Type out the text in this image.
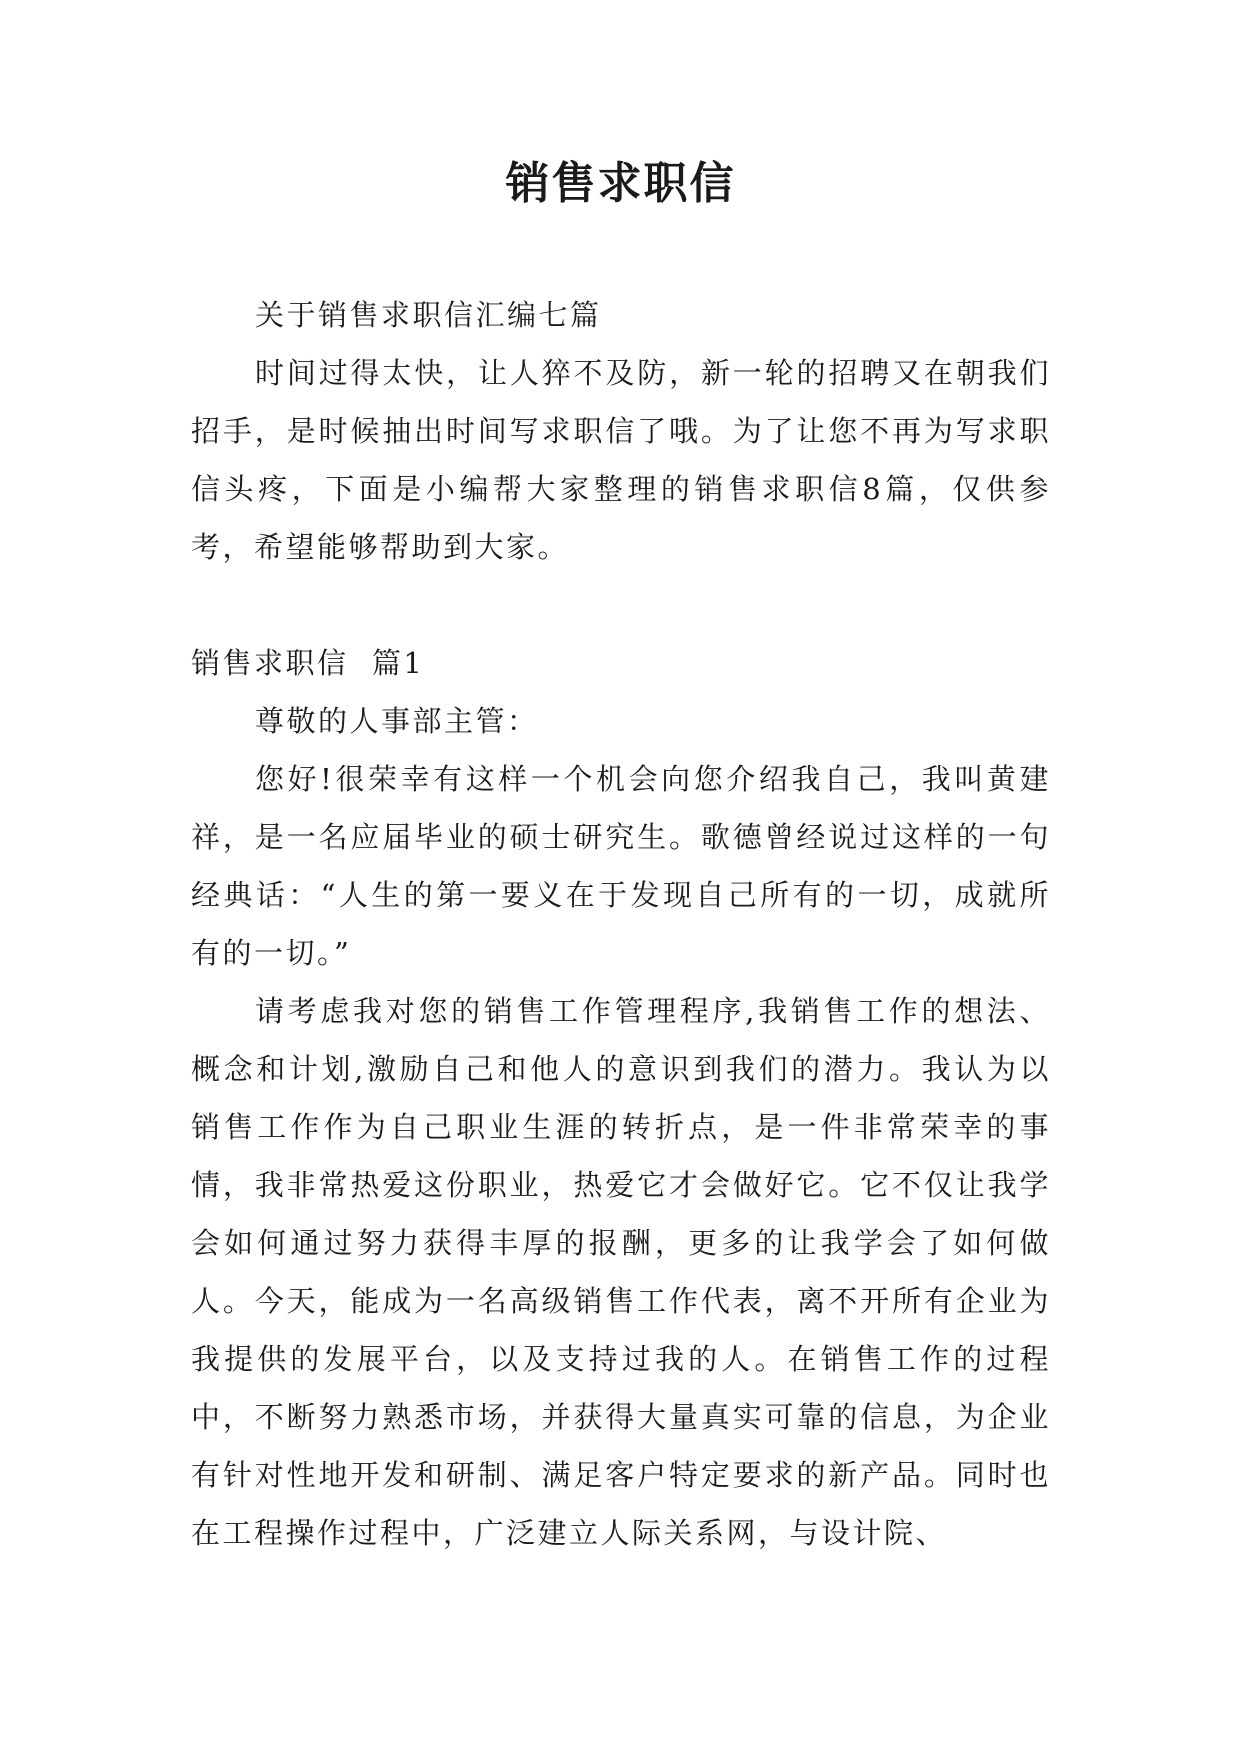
销售求职信

关于销售求职信汇编七篇

时间过得太快，让人猝不及防，新一轮的招聘又在朝我们招手，是时候抽出时间写求职信了哦。为了让您不再为写求职信头疼，下面是小编帮大家整理的销售求职信8篇，仅供参考，希望能够帮助到大家。

销售求职信  篇1

尊敬的人事部主管：

您好!很荣幸有这样一个机会向您介绍我自己，我叫黄建祥，是一名应届毕业的硕士研究生。歌德曾经说过这样的一句经典话：“人生的第一要义在于发现自己所有的一切，成就所有的一切。”

请考虑我对您的销售工作管理程序,我销售工作的想法、概念和计划,激励自己和他人的意识到我们的潜力。我认为以销售工作作为自己职业生涯的转折点，是一件非常荣幸的事情，我非常热爱这份职业，热爱它才会做好它。它不仅让我学会如何通过努力获得丰厚的报酬，更多的让我学会了如何做人。今天，能成为一名高级销售工作代表，离不开所有企业为我提供的发展平台，以及支持过我的人。在销售工作的过程中，不断努力熟悉市场，并获得大量真实可靠的信息，为企业有针对性地开发和研制、满足客户特定要求的新产品。同时也在工程操作过程中，广泛建立人际关系网，与设计院、
